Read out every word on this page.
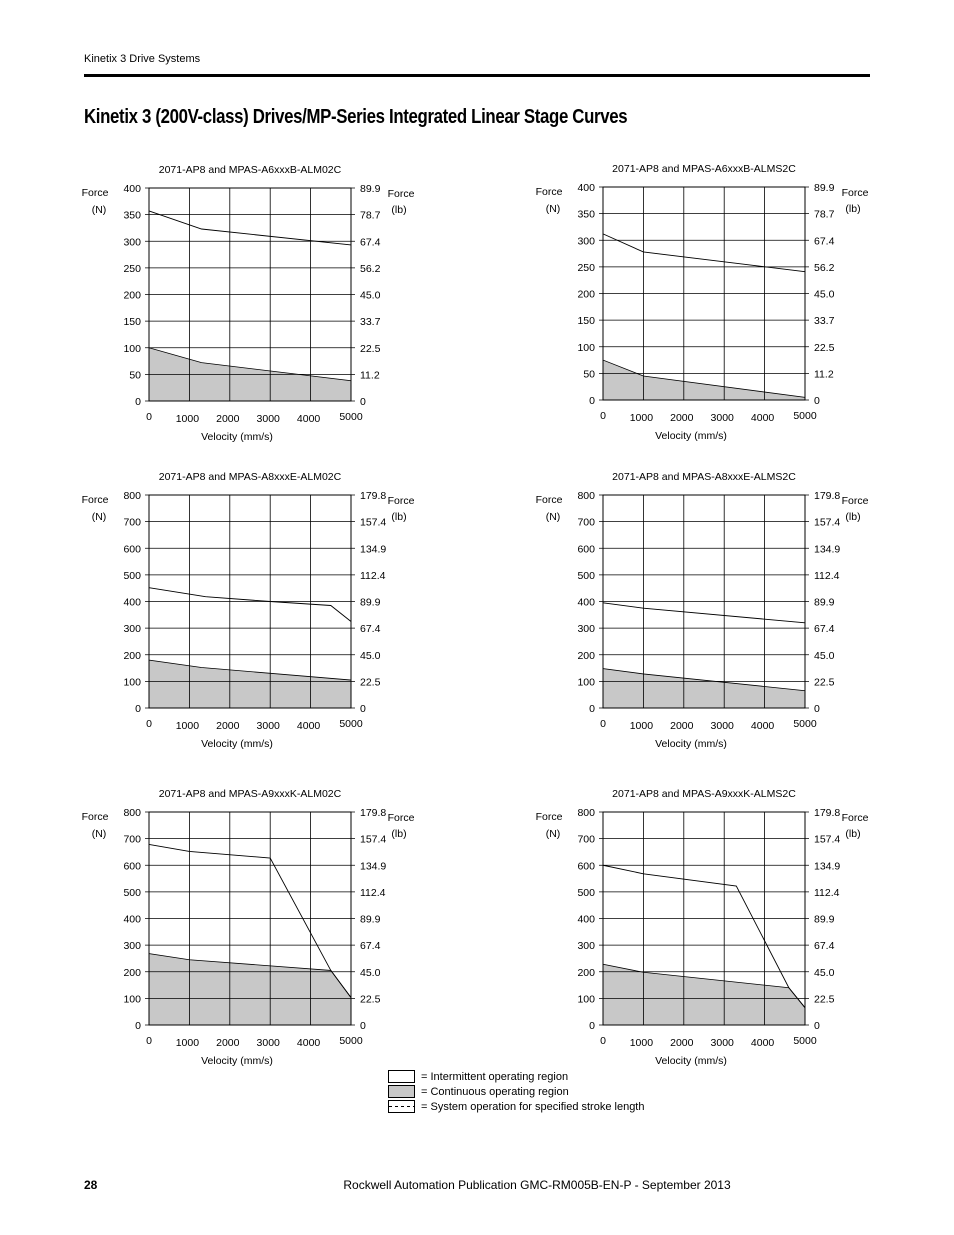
Kinetix 3 Drive Systems
Kinetix 3 (200V-class) Drives/MP-Series Integrated Linear Stage Curves
2071-AP8 and MPAS-A6xxxB-ALM02C
0
50
100
150
200
250
300
350
400
0
11.2
22.5
33.7
45.0
56.2
67.4
78.7
89.9
0 1000 2000 3000 4000 5000
Force
(N)
Force
(lb)
Velocity (mm/s)
2071-AP8 and MPAS-A6xxxB-ALMS2C
0
50
100
150
200
250
300
350
400
0
11.2
22.5
33.7
45.0
56.2
67.4
78.7
89.9
0 1000 2000 3000 4000 5000
Force
(N)
Force
(lb)
Velocity (mm/s)
2071-AP8 and MPAS-A8xxxE-ALM02C
0
100
200
300
400
500
600
700
800
0
22.5
45.0
67.4
89.9
112.4
134.9
157.4
179.8
0 1000 2000 3000 4000 5000
Force
(N)
Force
(lb)
Velocity (mm/s)
2071-AP8 and MPAS-A8xxxE-ALMS2C
0
100
200
300
400
500
600
700
800
0
22.5
45.0
67.4
89.9
112.4
134.9
157.4
179.8
0 1000 2000 3000 4000 5000
Force
(N)
Force
(lb)
Velocity (mm/s)
2071-AP8 and MPAS-A9xxxK-ALM02C
0
100
200
300
400
500
600
700
800
0
22.5
45.0
67.4
89.9
112.4
134.9
157.4
179.8
0 1000 2000 3000 4000 5000
Force
(N)
Force
(lb)
Velocity (mm/s)
2071-AP8 and MPAS-A9xxxK-ALMS2C
0
100
200
300
400
500
600
700
800
0
22.5
45.0
67.4
89.9
112.4
134.9
157.4
179.8
0 1000 2000 3000 4000 5000
Force
(N)
Force
(lb)
Velocity (mm/s)
= Intermittent operating region
= Continuous operating region
= System operation for specified stroke length
28	Rockwell Automation Publication GMC-RM005B-EN-P - September 2013
